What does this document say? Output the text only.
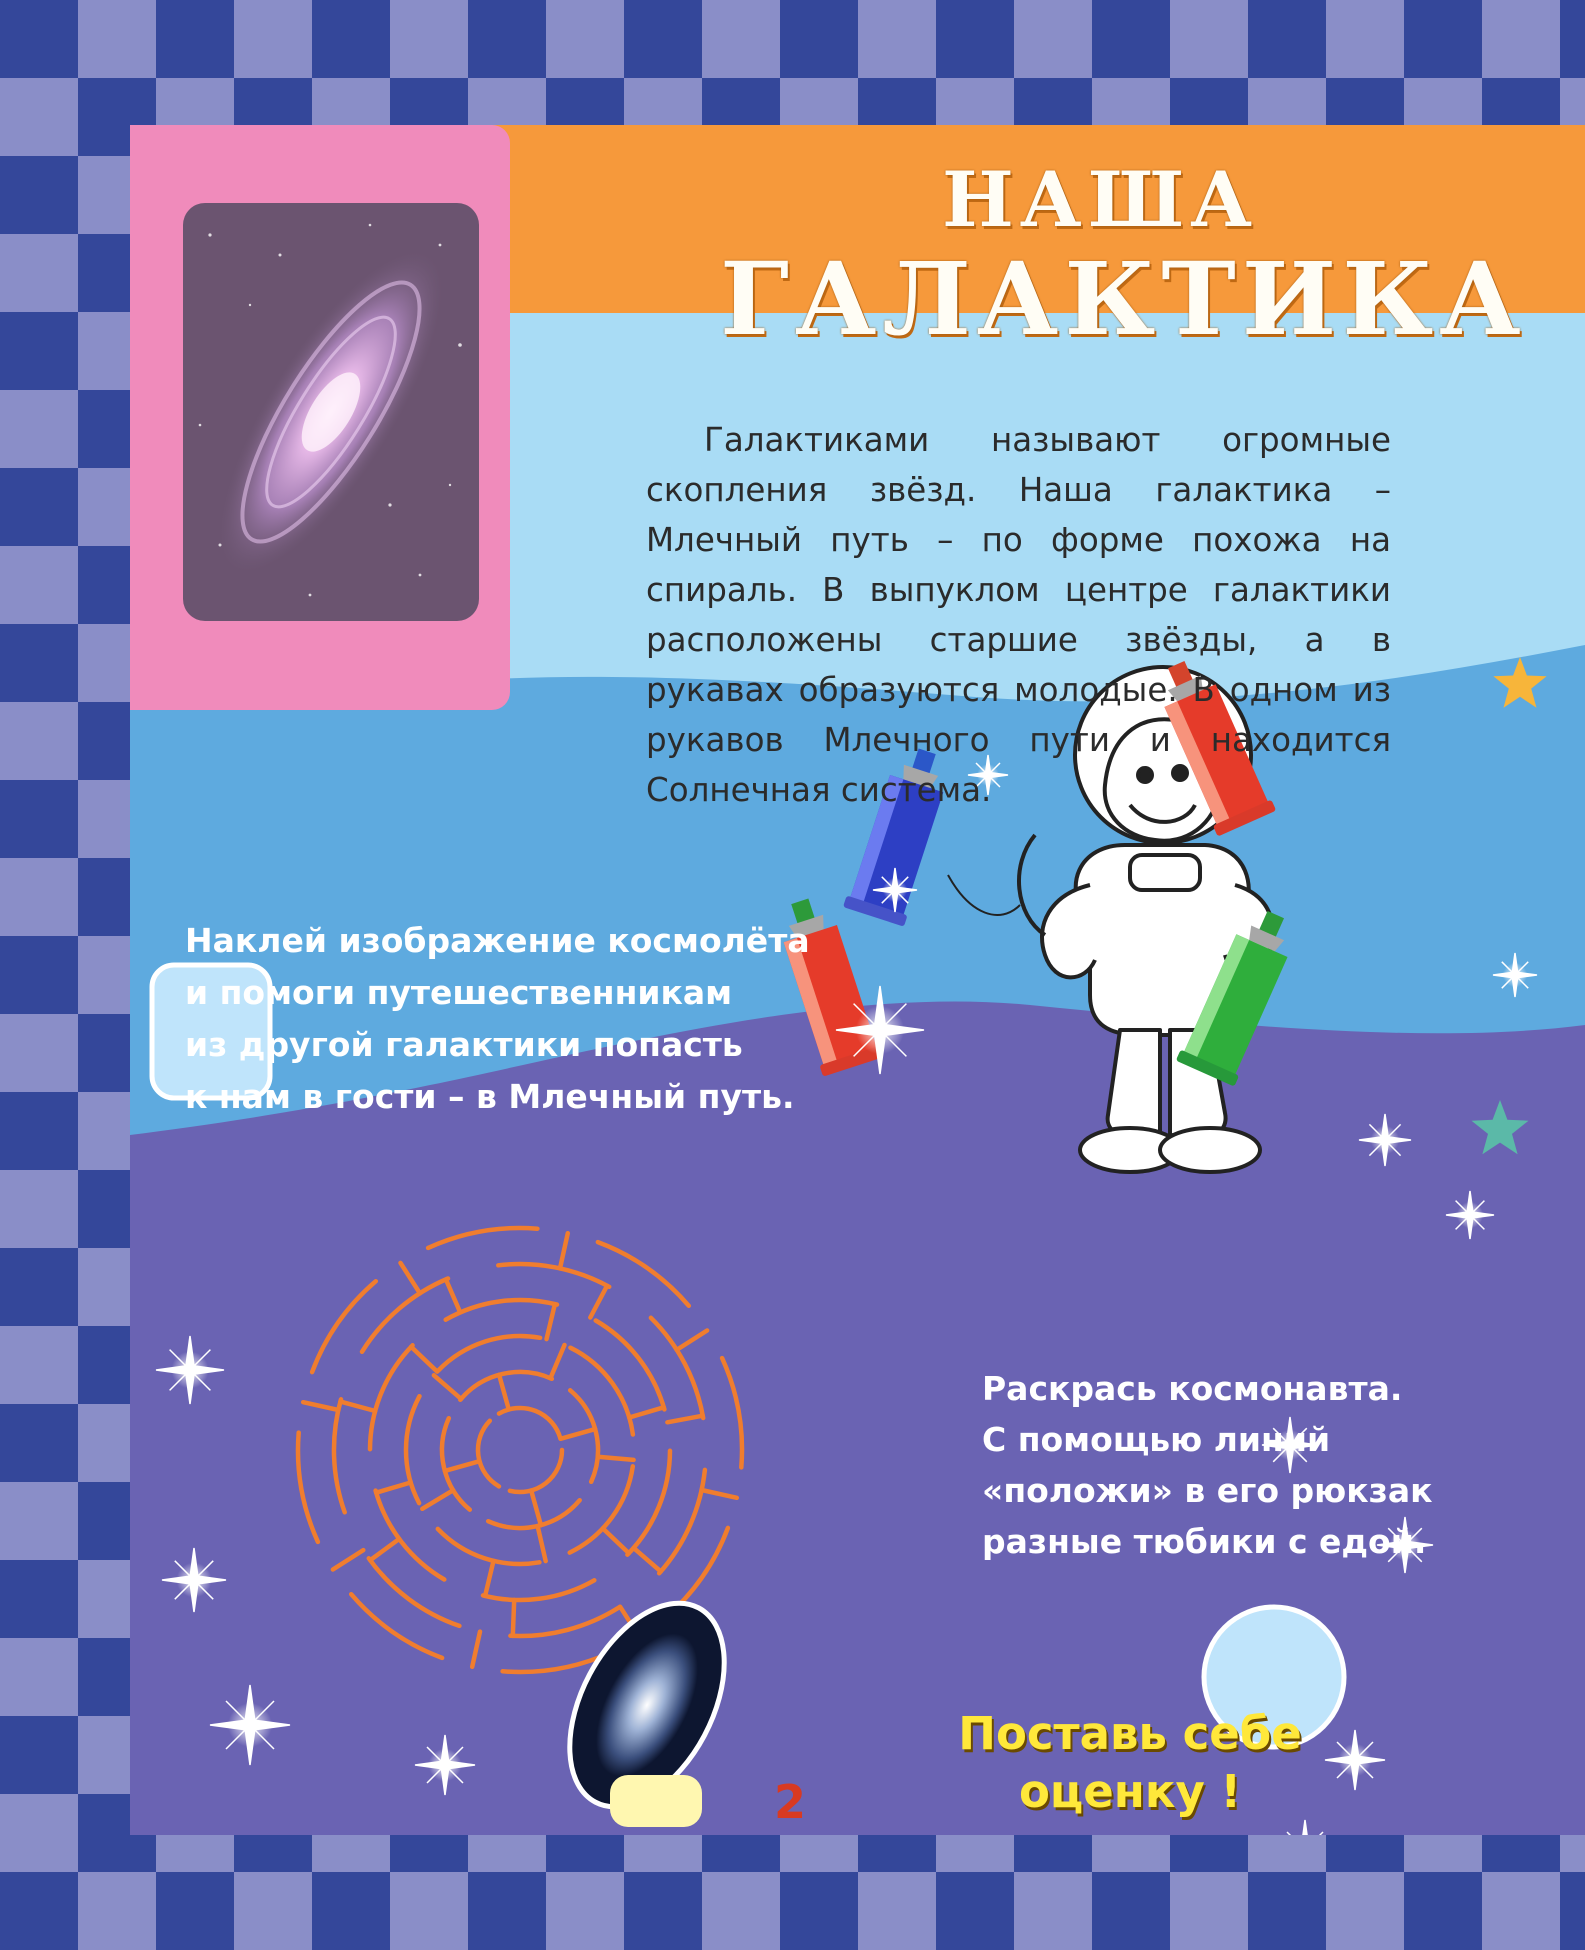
НАША
ГАЛАКТИКА

Галактиками называют огромные скопления звёзд. Наша галактика – Млечный путь – по форме похожа на спираль. В выпуклом центре галактики расположены старшие звёзды, а в рукавах образуются молодые. В одном из рукавов Млечного пути и находится Солнечная система.

Наклей изображение космолёта
и помоги путешественникам
из другой галактики попасть
к нам в гости – в Млечный путь.
Раскрась космонавта.
С помощью линий
«положи» в его рюкзак
разные тюбики с едой.
Поставь себе
оценку !
2
